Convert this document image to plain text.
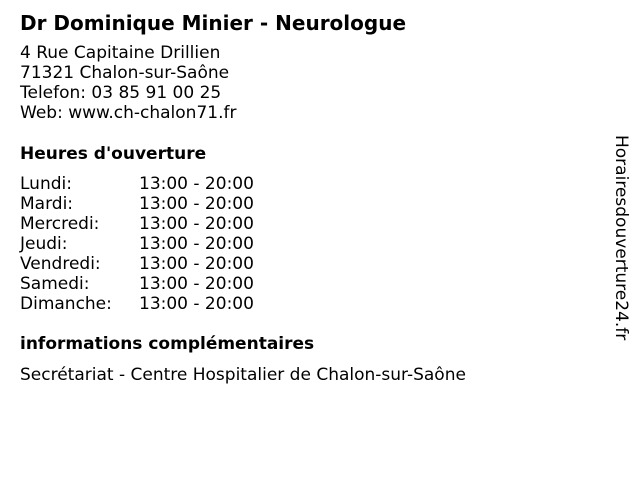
Dr Dominique Minier - Neurologue
4 Rue Capitaine Drillien
71321 Chalon-sur-Saône
Telefon: 03 85 91 00 25
Web: www.ch-chalon71.fr
Heures d'ouverture
Lundi:	13:00 - 20:00
Mardi:	13:00 - 20:00
Mercredi:	13:00 - 20:00
Jeudi:	13:00 - 20:00
Vendredi:	13:00 - 20:00
Samedi:	13:00 - 20:00
Dimanche:	13:00 - 20:00
informations complémentaires
Secrétariat - Centre Hospitalier de Chalon-sur-Saône
Horairesdouverture24.fr
